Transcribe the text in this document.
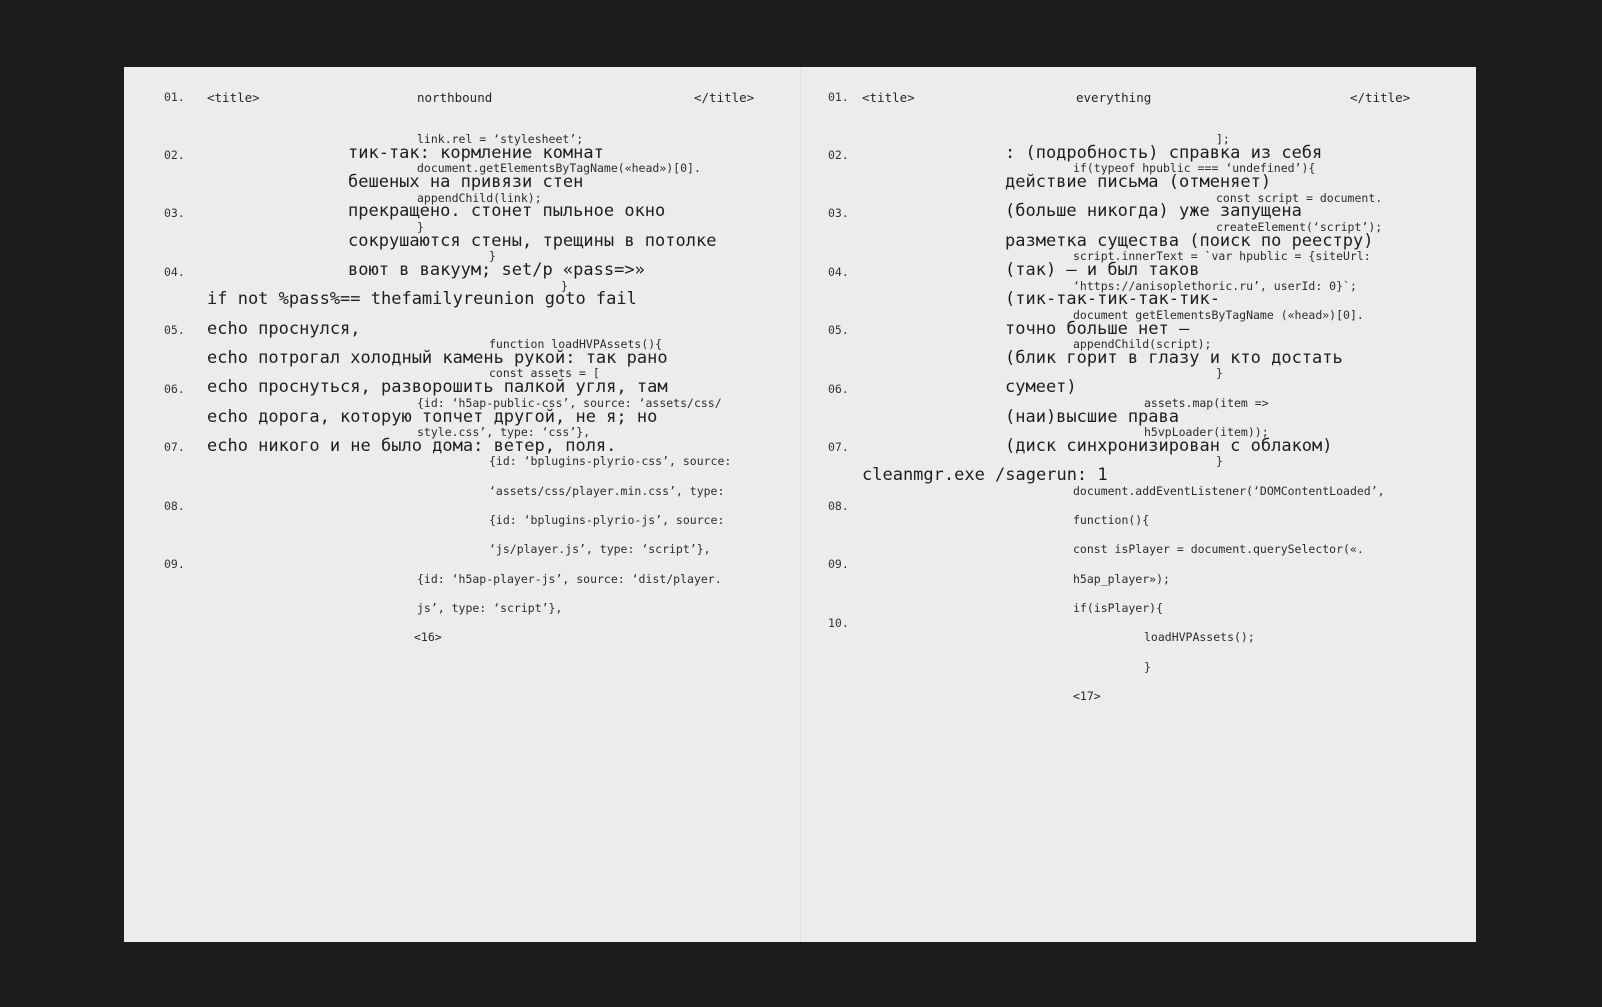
01.
02.
03.
04.
05.
06.
07.
08.
09.
<title>	northbound	</title>
тик-так: кормление комнат
бешеных на привязи стен
прекращено. стонет пыльное окно
сокрушаются стены, трещины в потолке
воют в вакуум; set/p «pass=>»
if not %pass%== thefamilyreunion goto fail
echo проснулся,
echo потрогал холодный камень рукой: так рано
echo проснуться, разворошить палкой угля, там
echo дорога, которую топчет другой, не я; но
echo никого и не было дома: ветер, поля.
link.rel = ‘stylesheet’;
document.getElementsByTagName(«head»)[0].
appendChild(link);
}
}
}
function loadHVPAssets(){
const assets = [
{id: ‘h5ap-public-css’, source: ‘assets/css/
style.css’, type: ‘css’},
{id: ‘bplugins-plyrio-css’, source:
‘assets/css/player.min.css’, type:
{id: ‘bplugins-plyrio-js’, source:
‘js/player.js’, type: ‘script’},
{id: ‘h5ap-player-js’, source: ‘dist/player.
js’, type: ‘script’},
<16>
01.
02.
03.
04.
05.
06.
07.
08.
09.
10.
<title>	everything	</title>
: (подробность) справка из себя
действие письма (отменяет)
(больше никогда) уже запущена
разметка существа (поиск по реестру)
(так) — и был таков
(тик-так-тик-так-тик-
точно больше нет —
(блик горит в глазу и кто достать
сумеет)
(наи)высшие права
(диск синхронизирован с облаком)
cleanmgr.exe /sagerun: 1
];
if(typeof hpublic === ‘undefined’){
const script = document.
createElement(‘script’);
script.innerText = `var hpublic = {siteUrl:
‘https://anisoplethoric.ru’, userId: 0}`;
document getElementsByTagName («head»)[0].
appendChild(script);
}
assets.map(item =>
h5vpLoader(item));
}
document.addEventListener(‘DOMContentLoaded’,
function(){
const isPlayer = document.querySelector(«.
h5ap_player»);
if(isPlayer){
loadHVPAssets();
}
<17>
